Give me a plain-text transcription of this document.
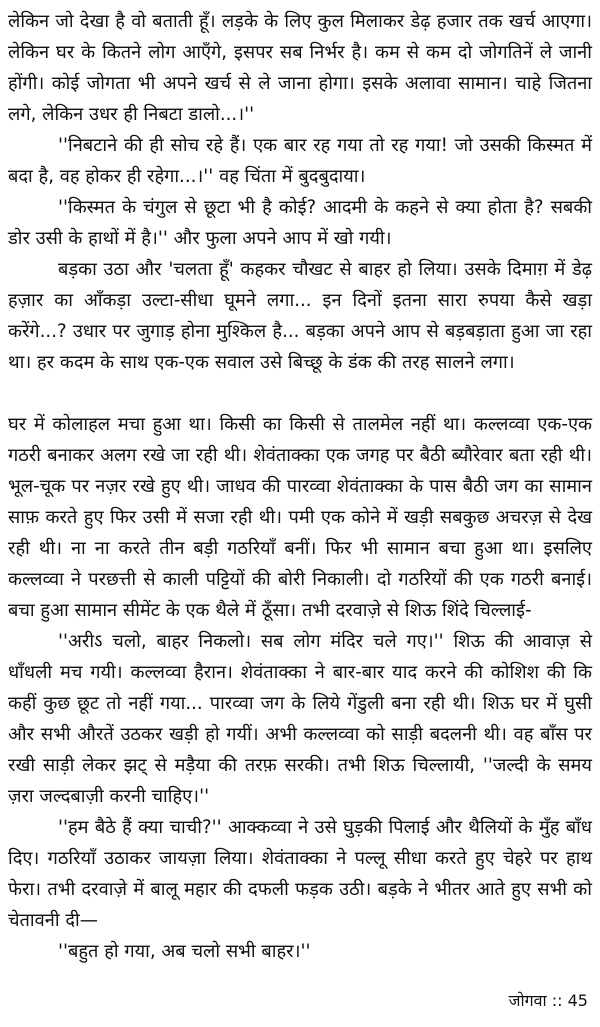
लेकिन जो देखा है वो बताती हूँ। लड़के के लिए कुल मिलाकर डेढ़ हजार तक खर्च आएगा। लेकिन घर के कितने लोग आएँगे, इसपर सब निर्भर है। कम से कम दो जोगतिनें ले जानी होंगी। कोई जोगता भी अपने खर्च से ले जाना होगा। इसके अलावा सामान। चाहे जितना लगे, लेकिन उधर ही निबटा डालो...।''

''निबटाने की ही सोच रहे हैं। एक बार रह गया तो रह गया! जो उसकी किस्मत में बदा है, वह होकर ही रहेगा...।'' वह चिंता में बुदबुदाया।

''किस्मत के चंगुल से छूटा भी है कोई? आदमी के कहने से क्या होता है? सबकी डोर उसी के हाथों में है।'' और फुला अपने आप में खो गयी।

बड़का उठा और 'चलता हूँ' कहकर चौखट से बाहर हो लिया। उसके दिमाग़ में डेढ़ हज़ार का आँकड़ा उल्टा-सीधा घूमने लगा... इन दिनों इतना सारा रुपया कैसे खड़ा करेंगे...? उधार पर जुगाड़ होना मुश्किल है... बड़का अपने आप से बड़बड़ाता हुआ जा रहा था। हर कदम के साथ एक-एक सवाल उसे बिच्छू के डंक की तरह सालने लगा।

घर में कोलाहल मचा हुआ था। किसी का किसी से तालमेल नहीं था। कल्लव्वा एक-एक गठरी बनाकर अलग रखे जा रही थी। शेवंताक्का एक जगह पर बैठी ब्यौरेवार बता रही थी। भूल-चूक पर नज़र रखे हुए थी। जाधव की पारव्वा शेवंताक्का के पास बैठी जग का सामान साफ़ करते हुए फिर उसी में सजा रही थी। पमी एक कोने में खड़ी सबकुछ अचरज़ से देख रही थी। ना ना करते तीन बड़ी गठरियाँ बनीं। फिर भी सामान बचा हुआ था। इसलिए कल्लव्वा ने परछत्ती से काली पट्टियों की बोरी निकाली। दो गठरियों की एक गठरी बनाई। बचा हुआ सामान सीमेंट के एक थैले में ठूँसा। तभी दरवाज़े से शिऊ शिंदे चिल्लाई-

''अरीऽ चलो, बाहर निकलो। सब लोग मंदिर चले गए।'' शिऊ की आवाज़ से धाँधली मच गयी। कल्लव्वा हैरान। शेवंताक्का ने बार-बार याद करने की कोशिश की कि कहीं कुछ छूट तो नहीं गया... पारव्वा जग के लिये गेंडुली बना रही थी। शिऊ घर में घुसी और सभी औरतें उठकर खड़ी हो गयीं। अभी कल्लव्वा को साड़ी बदलनी थी। वह बाँस पर रखी साड़ी लेकर झट् से मड़ैया की तरफ़ सरकी। तभी शिऊ चिल्लायी, ''जल्दी के समय ज़रा जल्दबाज़ी करनी चाहिए।''

''हम बैठे हैं क्या चाची?'' आक्कव्वा ने उसे घुड़की पिलाई और थैलियों के मुँह बाँध दिए। गठरियाँ उठाकर जायज़ा लिया। शेवंताक्का ने पल्लू सीधा करते हुए चेहरे पर हाथ फेरा। तभी दरवाज़े में बालू महार की दफली फड़क उठी। बड़के ने भीतर आते हुए सभी को चेतावनी दी—

''बहुत हो गया, अब चलो सभी बाहर।''

जोगवा :: 45
